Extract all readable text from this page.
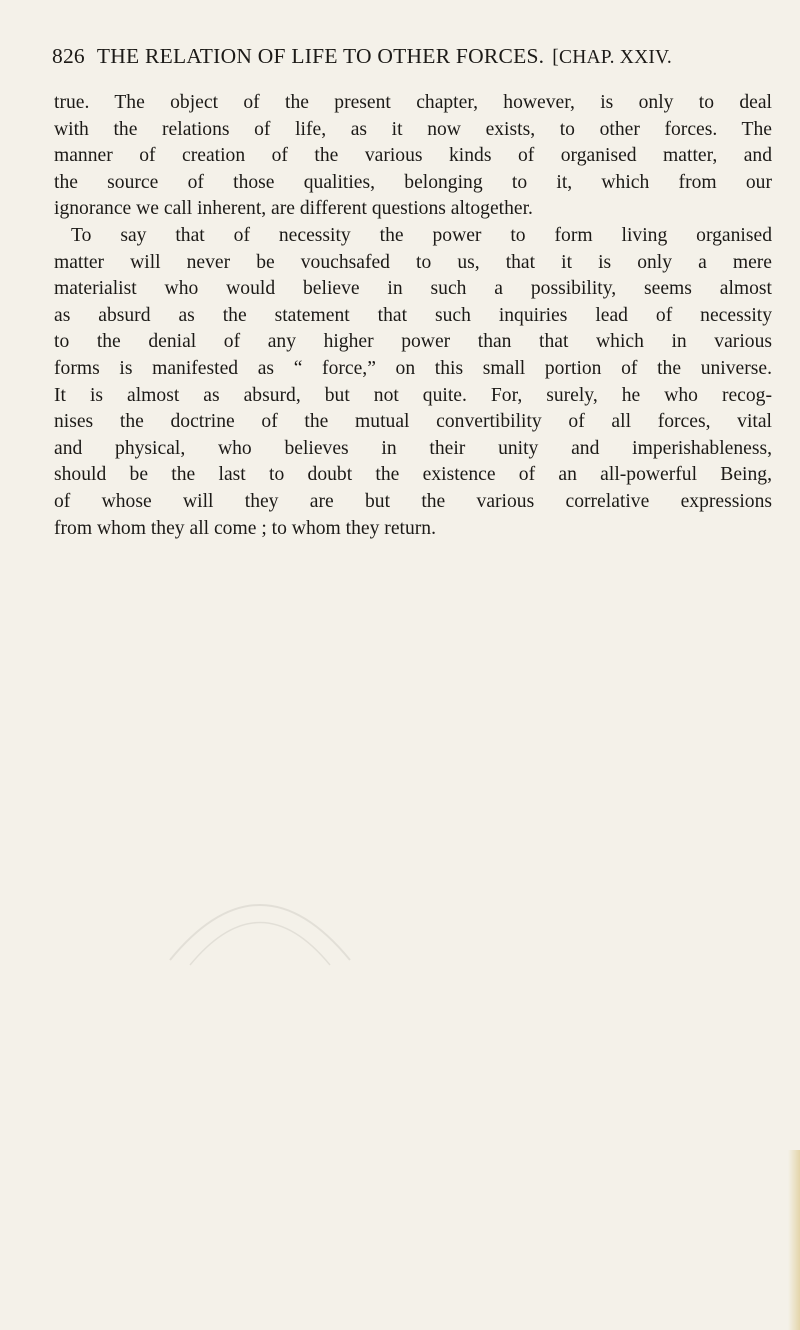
826 THE RELATION OF LIFE TO OTHER FORCES. [CHAP. XXIV.
true. The object of the present chapter, however, is only to deal
with the relations of life, as it now exists, to other forces. The
manner of creation of the various kinds of organised matter, and
the source of those qualities, belonging to it, which from our
ignorance we call inherent, are different questions altogether.
To say that of necessity the power to form living organised
matter will never be vouchsafed to us, that it is only a mere
materialist who would believe in such a possibility, seems almost
as absurd as the statement that such inquiries lead of necessity
to the denial of any higher power than that which in various
forms is manifested as “ force,” on this small portion of the universe.
It is almost as absurd, but not quite. For, surely, he who recog-
nises the doctrine of the mutual convertibility of all forces, vital
and physical, who believes in their unity and imperishableness,
should be the last to doubt the existence of an all-powerful Being,
of whose will they are but the various correlative expressions
from whom they all come ; to whom they return.
